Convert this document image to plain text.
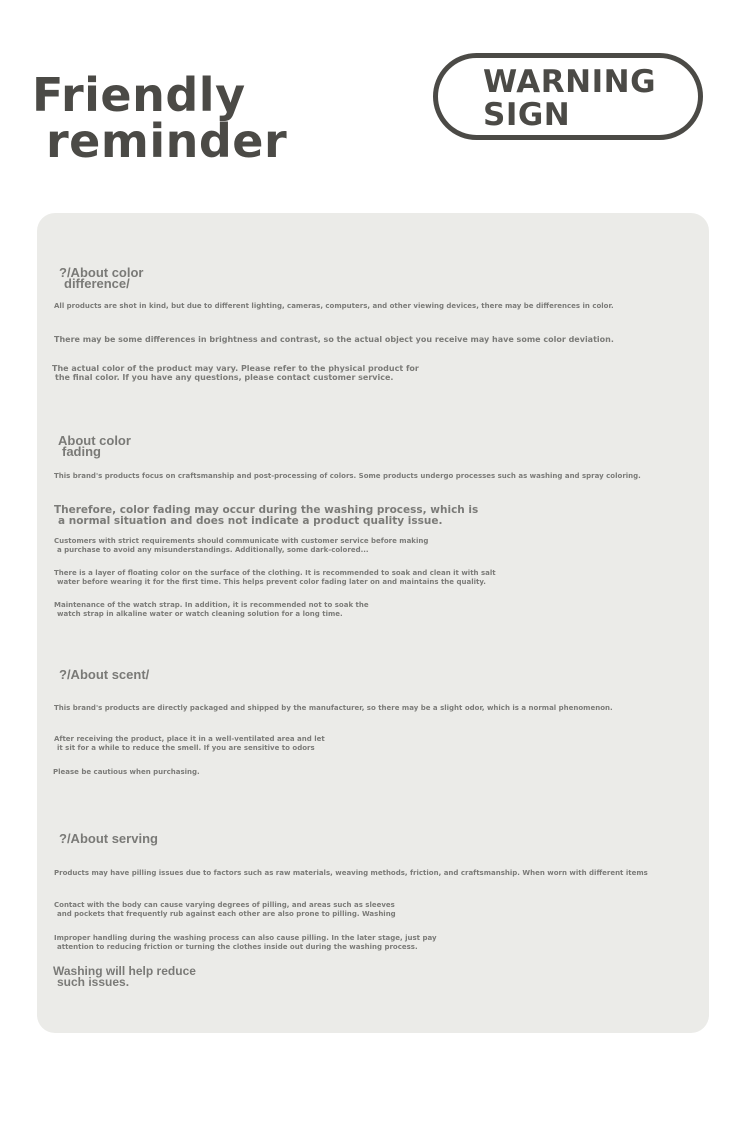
Friendly
reminder
WARNING
SIGN
?/About color
difference/
All products are shot in kind, but due to different lighting, cameras, computers, and other viewing devices, there may be differences in color.
There may be some differences in brightness and contrast, so the actual object you receive may have some color deviation.
The actual color of the product may vary. Please refer to the physical product for
the final color. If you have any questions, please contact customer service.
About color
fading
This brand's products focus on craftsmanship and post-processing of colors. Some products undergo processes such as washing and spray coloring.
Therefore, color fading may occur during the washing process, which is
a normal situation and does not indicate a product quality issue.
Customers with strict requirements should communicate with customer service before making
a purchase to avoid any misunderstandings. Additionally, some dark-colored...
There is a layer of floating color on the surface of the clothing. It is recommended to soak and clean it with salt
water before wearing it for the first time. This helps prevent color fading later on and maintains the quality.
Maintenance of the watch strap. In addition, it is recommended not to soak the
watch strap in alkaline water or watch cleaning solution for a long time.
?/About scent/
This brand's products are directly packaged and shipped by the manufacturer, so there may be a slight odor, which is a normal phenomenon.
After receiving the product, place it in a well-ventilated area and let
it sit for a while to reduce the smell. If you are sensitive to odors
Please be cautious when purchasing.
?/About serving
Products may have pilling issues due to factors such as raw materials, weaving methods, friction, and craftsmanship. When worn with different items
Contact with the body can cause varying degrees of pilling, and areas such as sleeves
and pockets that frequently rub against each other are also prone to pilling. Washing
Improper handling during the washing process can also cause pilling. In the later stage, just pay
attention to reducing friction or turning the clothes inside out during the washing process.
Washing will help reduce
such issues.
